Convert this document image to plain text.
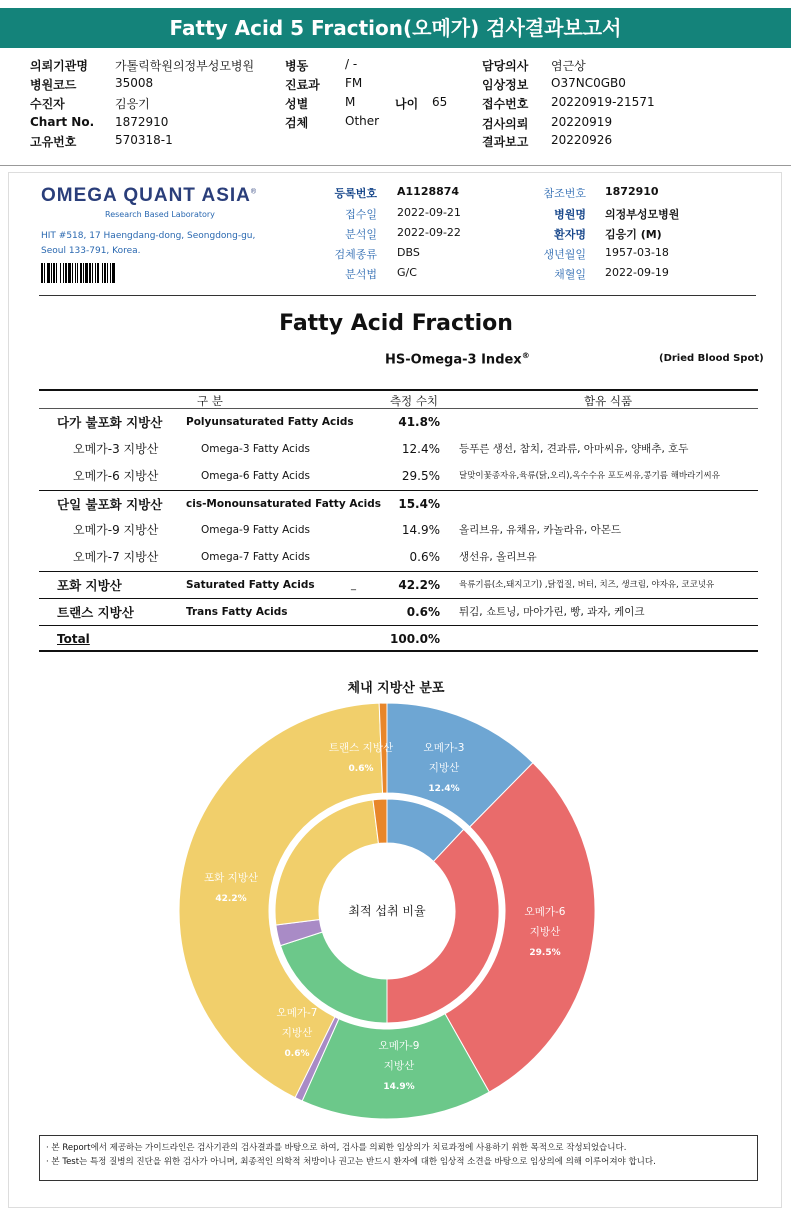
Fatty Acid 5 Fraction(오메가) 검사결과보고서
의뢰기관명 가톨릭학원의정부성모병원
병원코드	35008
수진자	김응기
Chart No. 1872910
고유번호	570318-1
병동	/ -
진료과 FM
성별	M
검체	Other
나이 65
담당의사 염근상
임상정보 O37NC0GB0
접수번호 20220919-21571
검사의뢰 20220919
결과보고 20220926
OMEGA QUANT ASIA®
Research Based Laboratory
HIT #518, 17 Haengdang-dong, Seongdong-gu,
Seoul 133-791, Korea.
등록번호 A1128874
접수일 2022-09-21
분석일 2022-09-22
검체종류 DBS
분석법 G/C
참조번호 1872910
병원명 의정부성모병원
환자명 김응기 (M)
생년월일 1957-03-18
채혈일 2022-09-19
Fatty Acid Fraction
HS-Omega-3 Index®	(Dried Blood Spot)
구 분	측정 수치	함유 식품
다가 불포화 지방산 Polyunsaturated Fatty Acids	41.8%
오메가-3 지방산	Omega-3 Fatty Acids	12.4% 등푸른 생선, 참치, 견과류, 아마씨유, 양배추, 호두
오메가-6 지방산	Omega-6 Fatty Acids	29.5% 달맞이꽃종자유,육류(닭,오리),옥수수유 포도씨유,콩기름 해바라기씨유
단일 불포화 지방산 cis-Monounsaturated Fatty Acids	15.4%
오메가-9 지방산	Omega-9 Fatty Acids	14.9% 올리브유, 유채유, 카놀라유, 아몬드
오메가-7 지방산	Omega-7 Fatty Acids	0.6% 생선유, 올리브유
포화 지방산	Saturated Fatty Acids	_	42.2% 육류기름(소,돼지고기) ,닭껍질, 버터, 치즈, 생크림, 야자유, 코코넛유
트랜스 지방산	Trans Fatty Acids	0.6% 튀김, 쇼트닝, 마아가린, 빵, 과자, 케이크
Total	100.0%
체내 지방산 분포
최적 섭취 비율
오메가-3
지방산
12.4%
오메가-6
지방산
29.5%
오메가-9
지방산
14.9%
오메가-7
지방산
0.6%
포화 지방산
42.2%
트랜스 지방산
0.6%
· 본 Report에서 제공하는 가이드라인은 검사기관의 검사결과를 바탕으로 하여, 검사를 의뢰한 임상의가 치료과정에 사용하기 위한 목적으로 작성되었습니다.
· 본 Test는 특정 질병의 진단을 위한 검사가 아니며, 최종적인 의학적 처방이나 권고는 반드시 환자에 대한 임상적 소견을 바탕으로 임상의에 의해 이루어져야 합니다.
